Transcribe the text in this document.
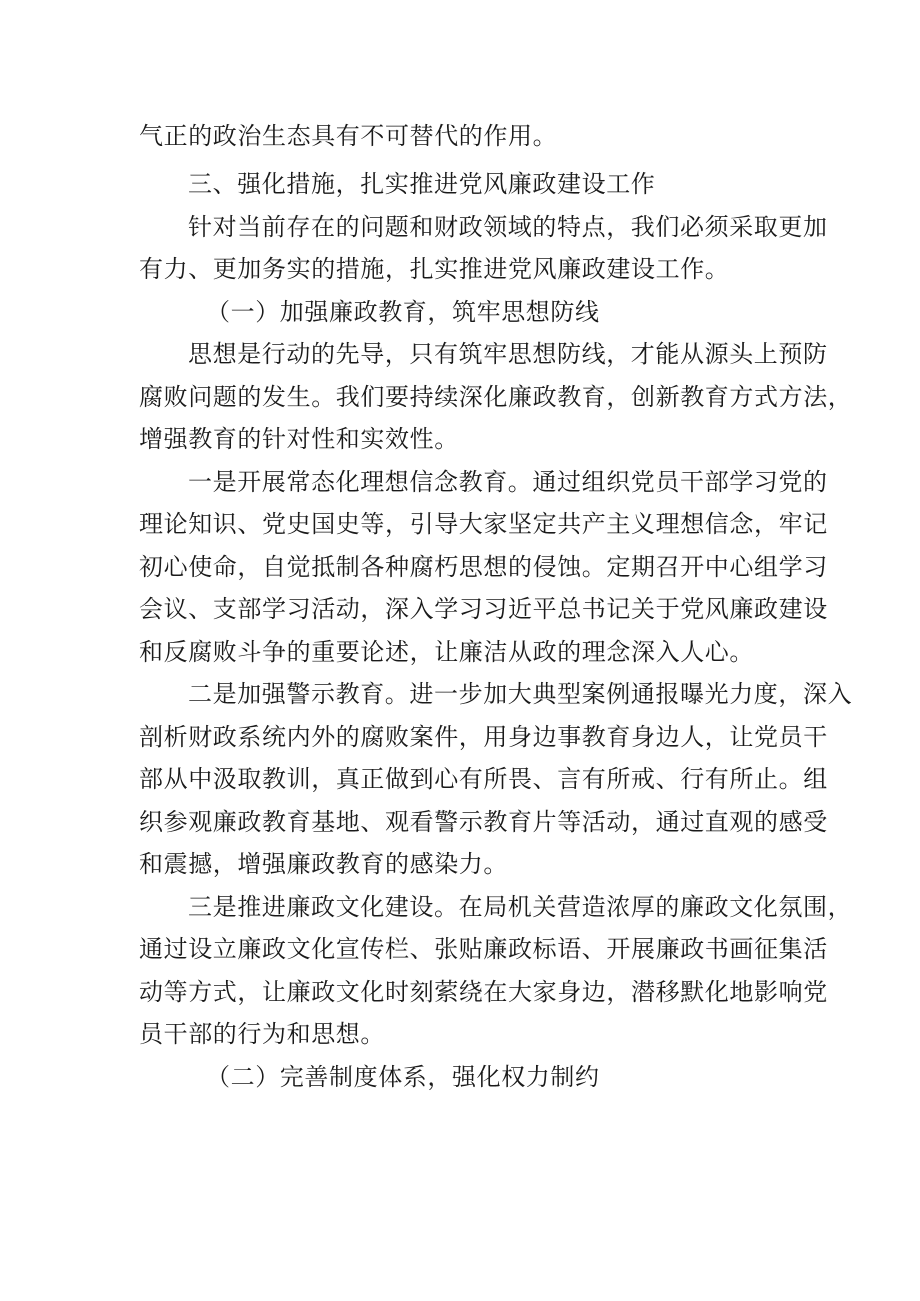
气正的政治生态具有不可替代的作用。
三、强化措施，扎实推进党风廉政建设工作
针对当前存在的问题和财政领域的特点，我们必须采取更加
有力、更加务实的措施，扎实推进党风廉政建设工作。
（一）加强廉政教育，筑牢思想防线
思想是行动的先导，只有筑牢思想防线，才能从源头上预防
腐败问题的发生。我们要持续深化廉政教育，创新教育方式方法，
增强教育的针对性和实效性。
一是开展常态化理想信念教育。通过组织党员干部学习党的
理论知识、党史国史等，引导大家坚定共产主义理想信念，牢记
初心使命，自觉抵制各种腐朽思想的侵蚀。定期召开中心组学习
会议、支部学习活动，深入学习习近平总书记关于党风廉政建设
和反腐败斗争的重要论述，让廉洁从政的理念深入人心。
二是加强警示教育。进一步加大典型案例通报曝光力度，深入
剖析财政系统内外的腐败案件，用身边事教育身边人，让党员干
部从中汲取教训，真正做到心有所畏、言有所戒、行有所止。组
织参观廉政教育基地、观看警示教育片等活动，通过直观的感受
和震撼，增强廉政教育的感染力。
三是推进廉政文化建设。在局机关营造浓厚的廉政文化氛围，
通过设立廉政文化宣传栏、张贴廉政标语、开展廉政书画征集活
动等方式，让廉政文化时刻萦绕在大家身边，潜移默化地影响党
员干部的行为和思想。
（二）完善制度体系，强化权力制约
